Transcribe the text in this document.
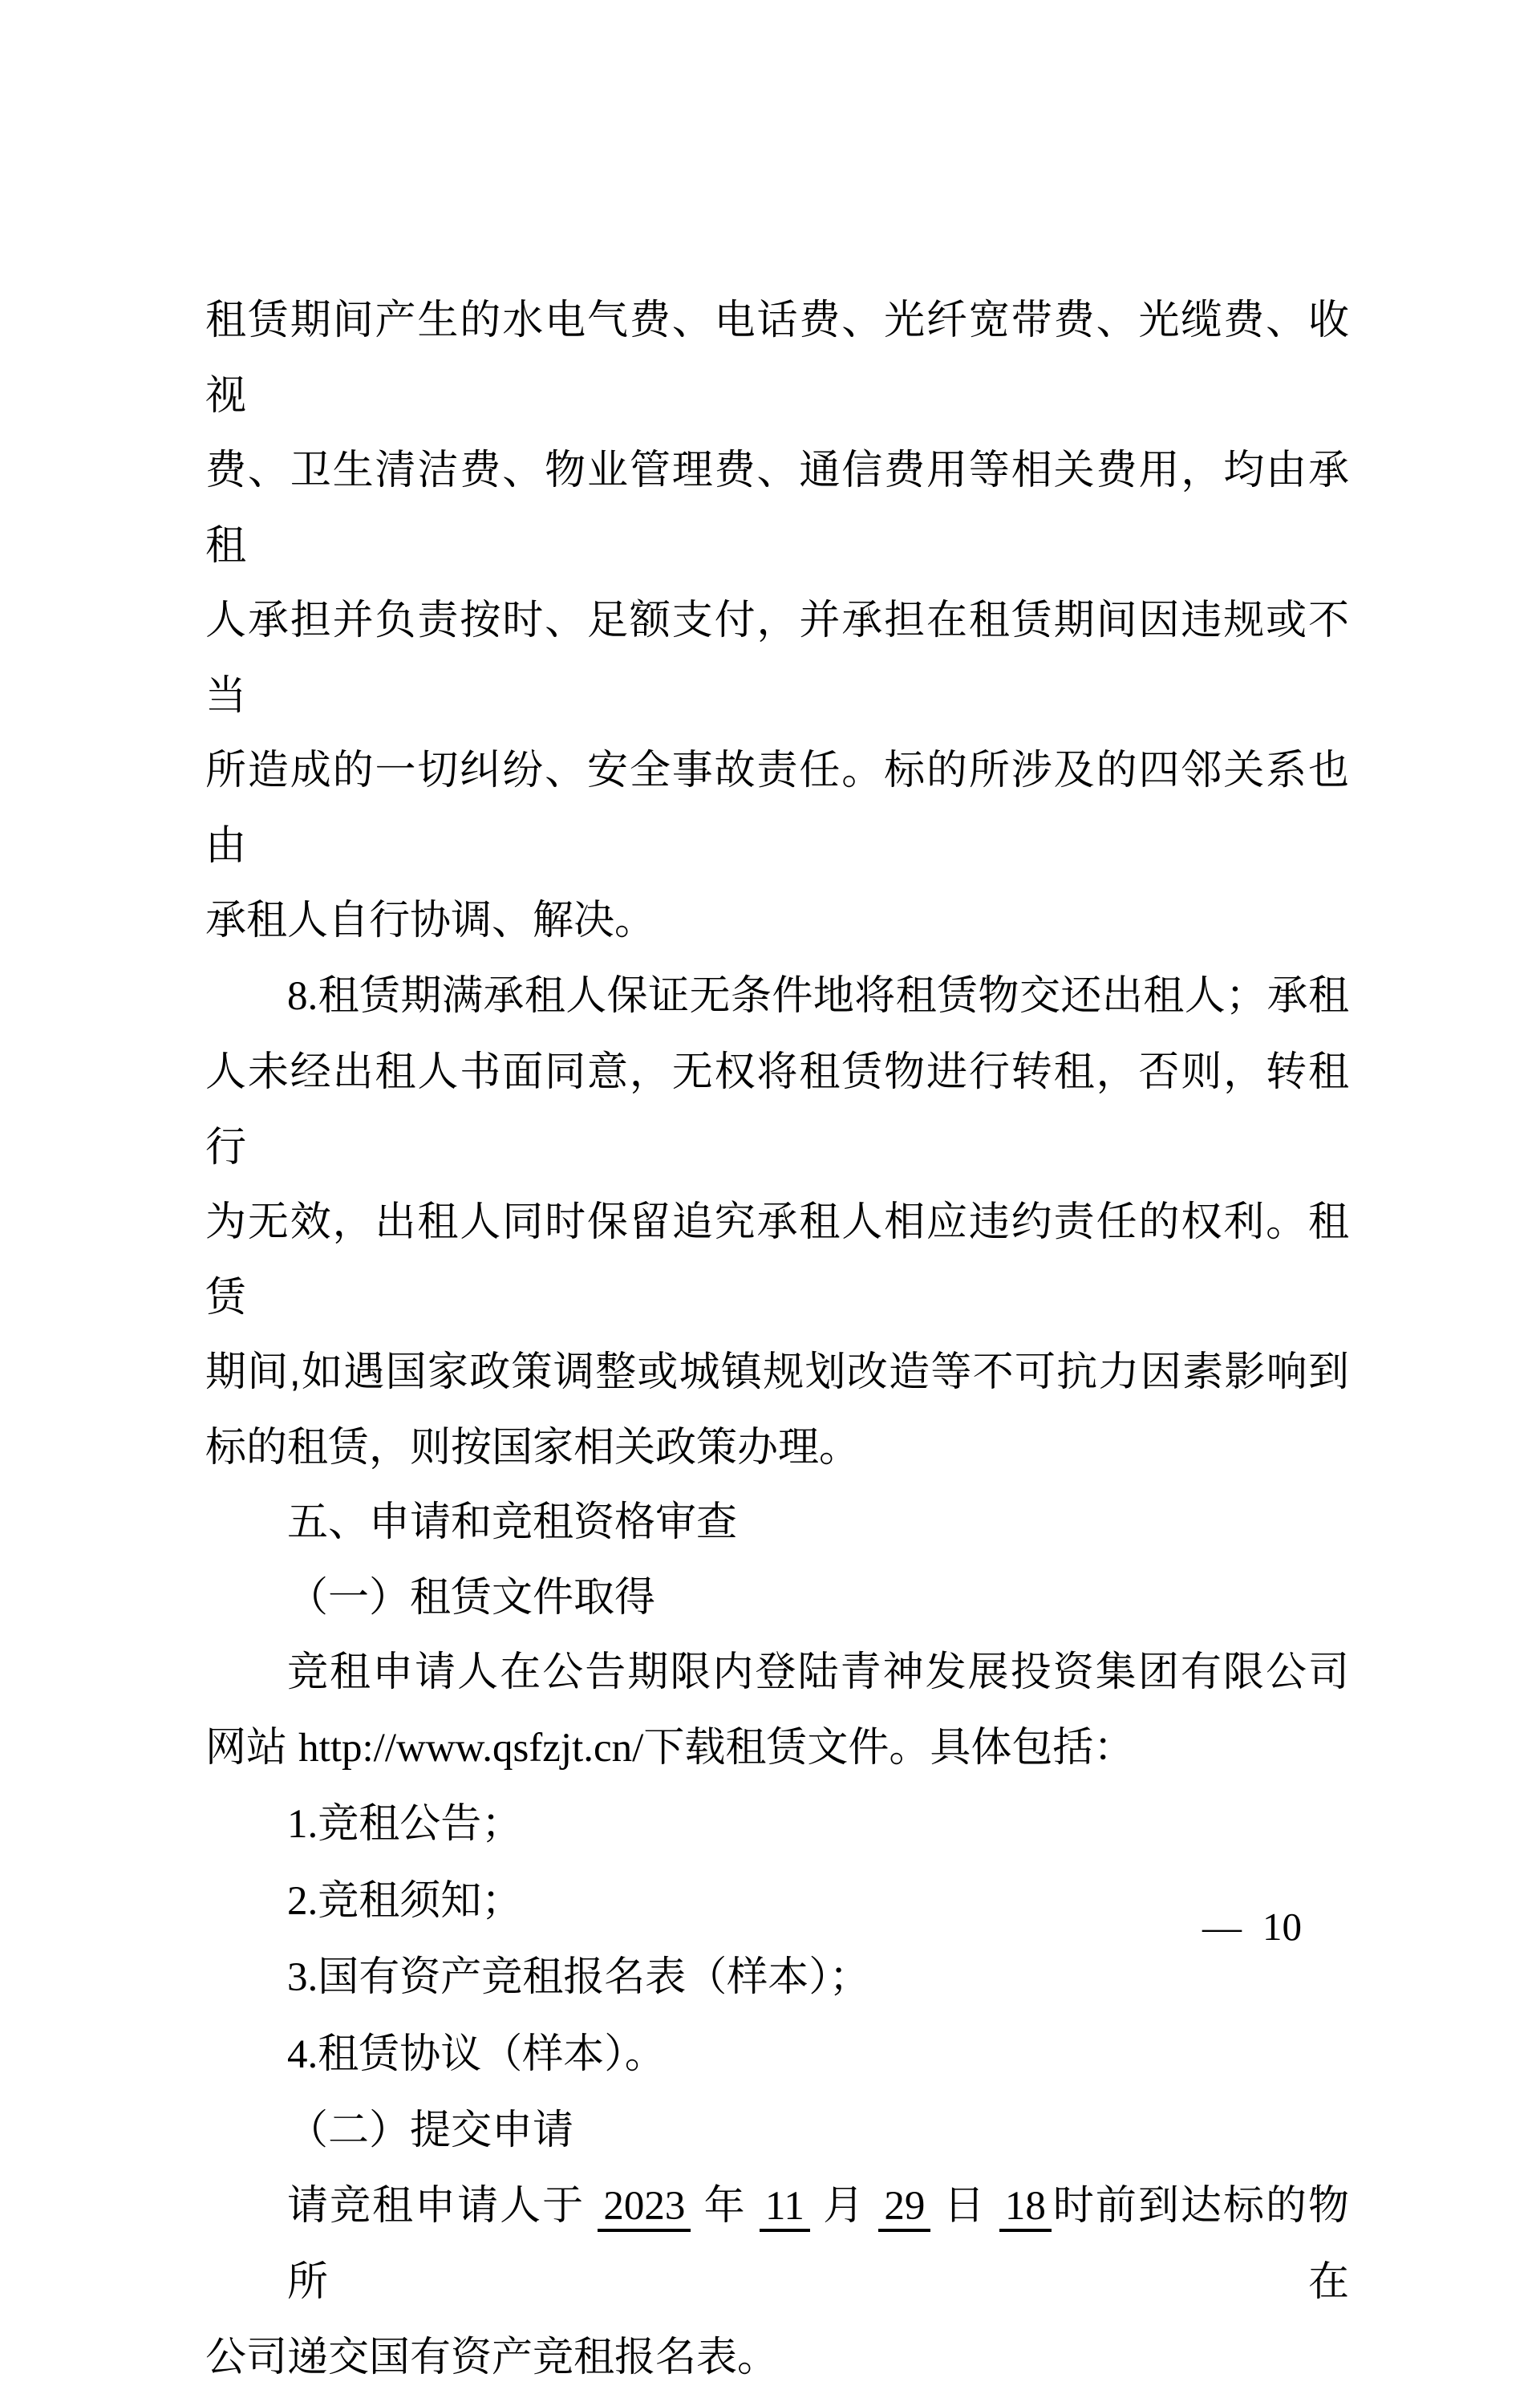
租赁期间产生的水电气费、电话费、光纤宽带费、光缆费、收视
费、卫生清洁费、物业管理费、通信费用等相关费用，均由承租
人承担并负责按时、足额支付，并承担在租赁期间因违规或不当
所造成的一切纠纷、安全事故责任。标的所涉及的四邻关系也由
承租人自行协调、解决。
8.租赁期满承租人保证无条件地将租赁物交还出租人；承租
人未经出租人书面同意，无权将租赁物进行转租，否则，转租行
为无效，出租人同时保留追究承租人相应违约责任的权利。租赁
期间,如遇国家政策调整或城镇规划改造等不可抗力因素影响到
标的租赁，则按国家相关政策办理。
五、申请和竞租资格审查
（一）租赁文件取得
竞租申请人在公告期限内登陆青神发展投资集团有限公司
网站 http://www.qsfzjt.cn/下载租赁文件。具体包括：
1.竞租公告；
2.竞租须知；
3.国有资产竞租报名表（样本）；
4.租赁协议（样本）。
（二）提交申请
请竞租申请人于 2023 年 11 月 29 日 18 时前到达标的物所在
公司递交国有资产竞租报名表。
— 10
